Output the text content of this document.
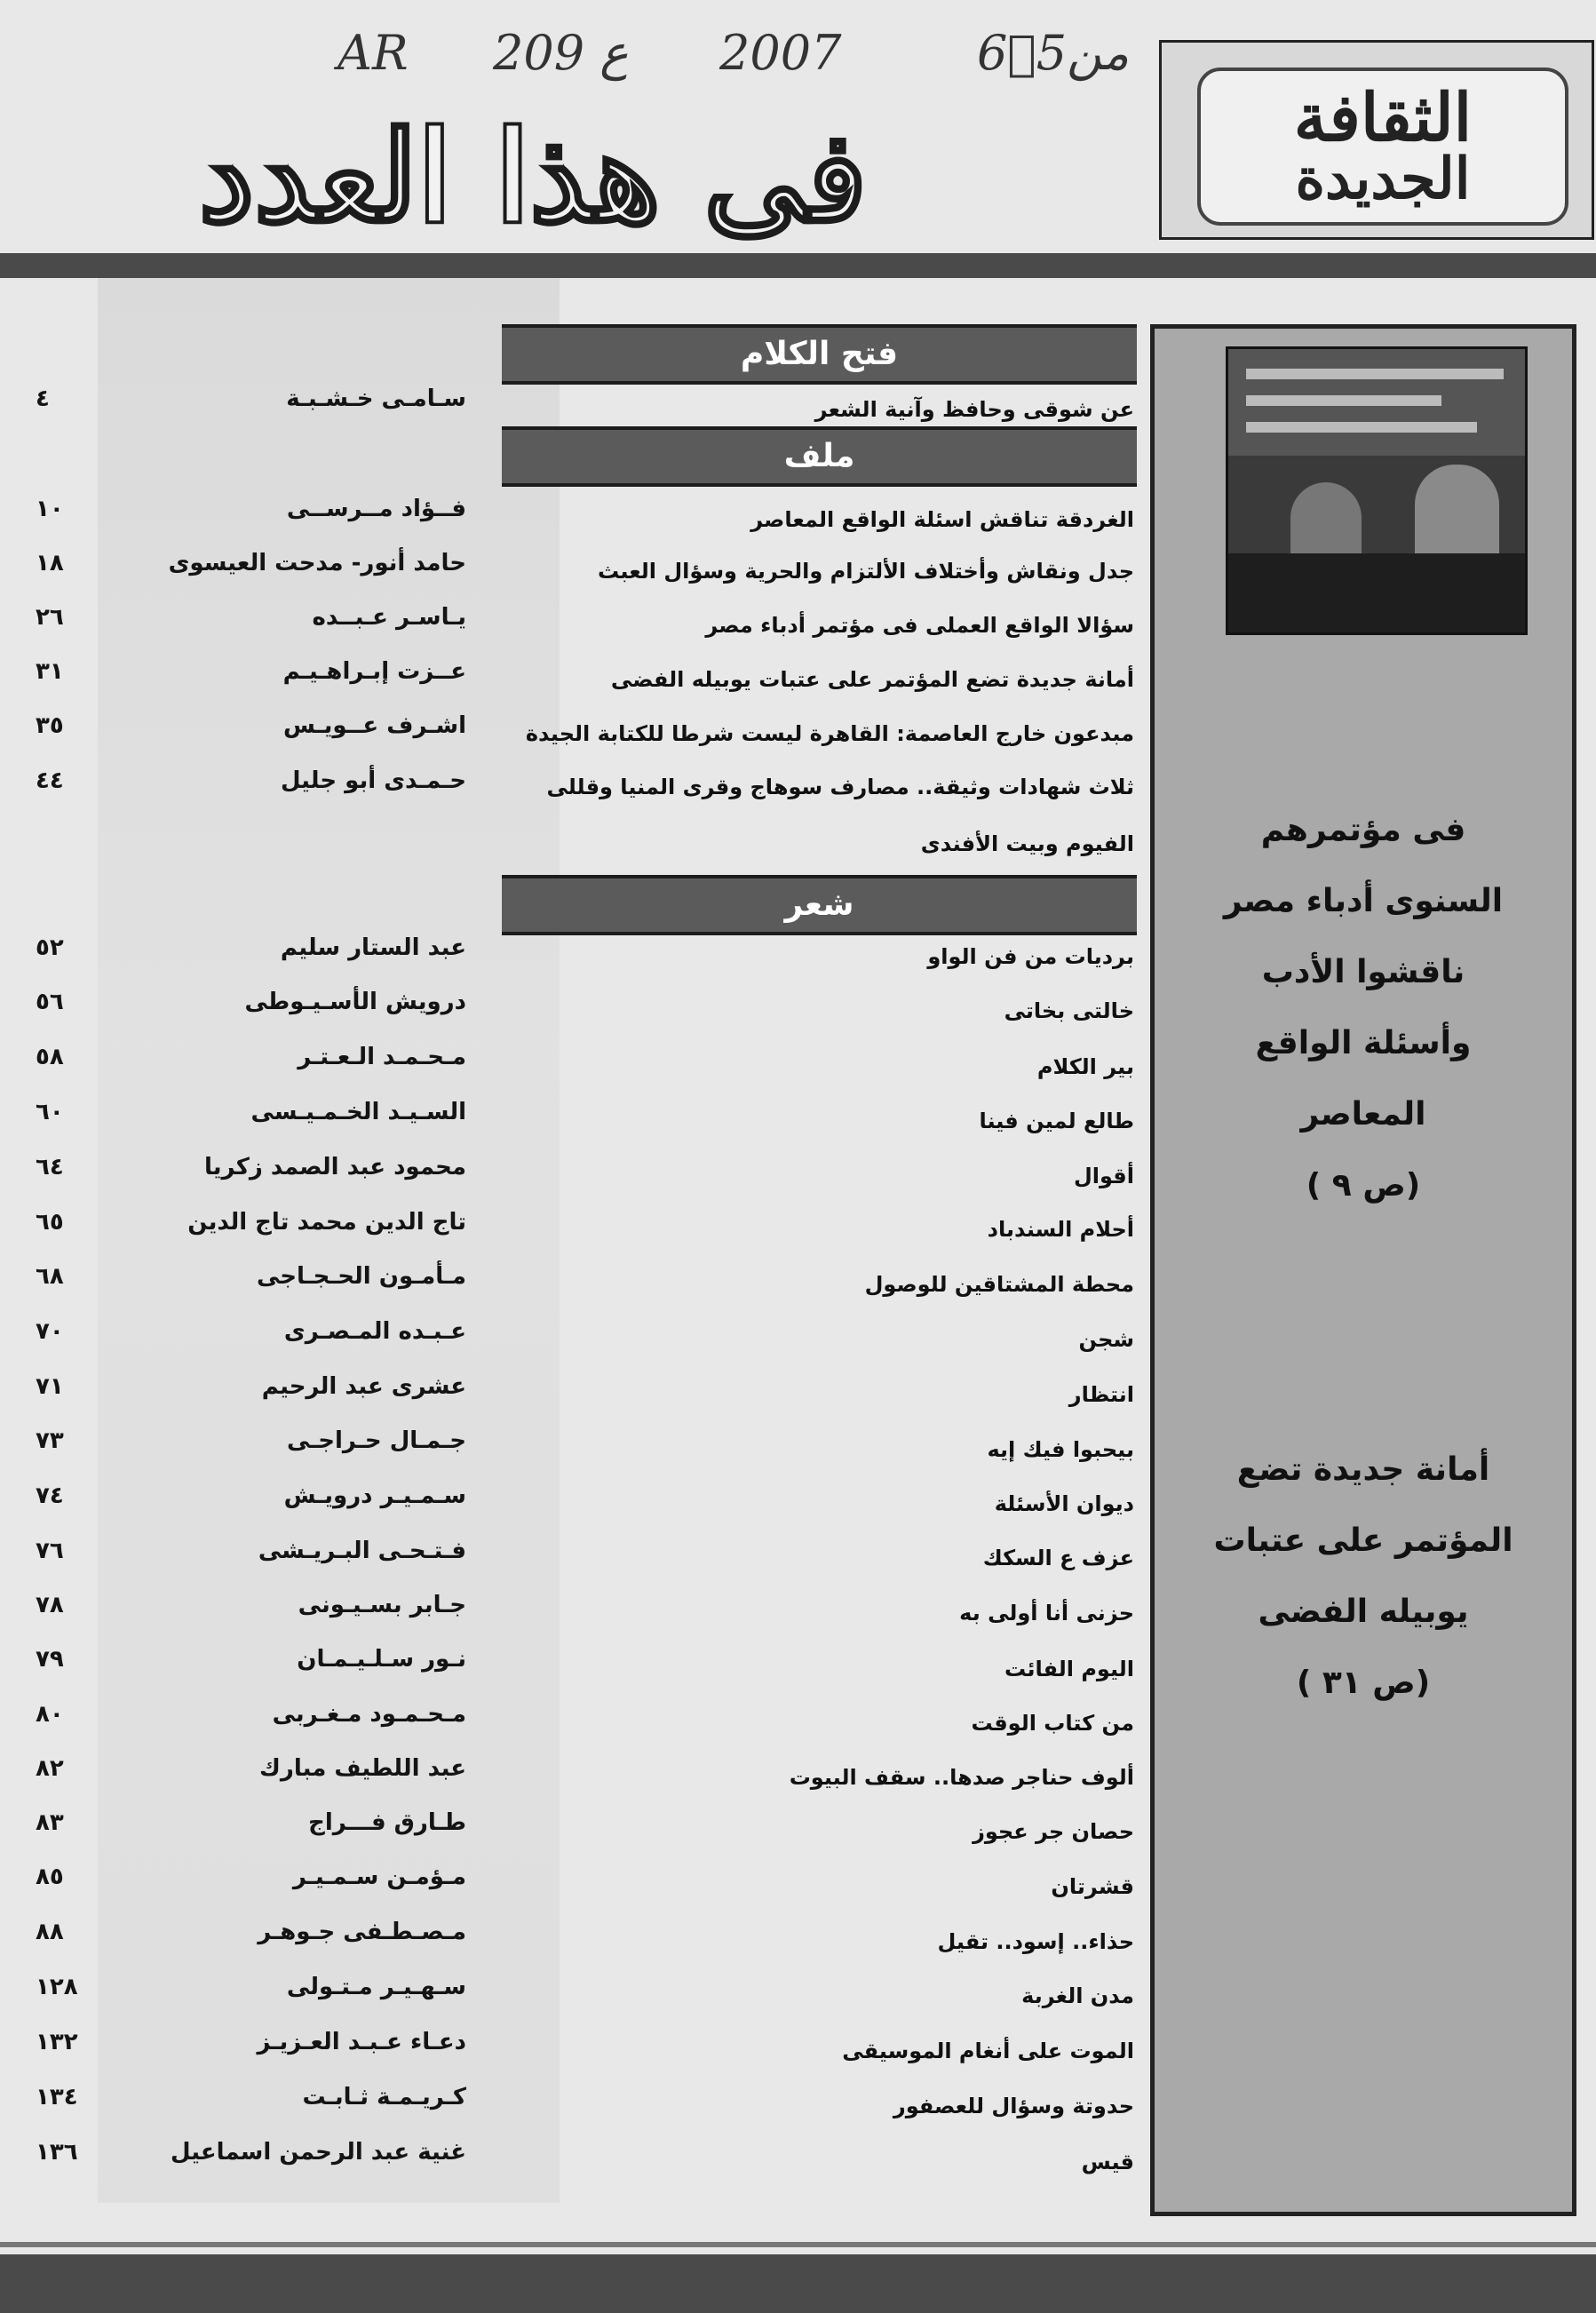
AR 209 ع 2007	6ٍمن5
الثقافة
الجديدة
فى هذا العدد
فتح الكلام
ملف
شعر
عن شوقى وحافظ وآنية الشعر
الغردقة تناقش اسئلة الواقع المعاصر
جدل ونقاش وأختلاف الألتزام والحرية وسؤال العبث
سؤالا الواقع العملى فى مؤتمر أدباء مصر
أمانة جديدة تضع المؤتمر على عتبات يوبيله الفضى
مبدعون خارج العاصمة: القاهرة ليست شرطا للكتابة الجيدة
ثلاث شهادات وثيقة.. مصارف سوهاج وقرى المنيا وقللى
الفيوم وبيت الأفندى
برديات من فن الواو
خالتى بخاتى
بير الكلام
طالع لمين فينا
أقوال
أحلام السندباد
محطة المشتاقين للوصول
شجن
انتظار
بيحبوا فيك إيه
ديوان الأسئلة
عزف ع السكك
حزنى أنا أولى به
اليوم الفائت
من كتاب الوقت
ألوف حناجر صدها.. سقف البيوت
حصان جر عجوز
قشرتان
حذاء.. إسود.. تقيل
مدن الغربة
الموت على أنغام الموسيقى
حدوتة وسؤال للعصفور
قيس
سـامـى خـشـبـة
٤
فــؤاد مــرســى
١٠
حامد أنور- مدحت العيسوى
١٨
يـاسـر عـبــده
٢٦
عــزت إبـراهـيـم
٣١
اشـرف عــويـس
٣٥
حـمـدى أبو جليل
٤٤
عبد الستار سليم
٥٢
درويش الأسـيـوطى
٥٦
مـحـمـد الـعـتـر
٥٨
السـيـد الخـمـيـسى
٦٠
محمود عبد الصمد زكريا
٦٤
تاج الدين محمد تاج الدين
٦٥
مـأمـون الحـجـاجى
٦٨
عـبـده المـصـرى
٧٠
عشرى عبد الرحيم
٧١
جـمـال حـراجـى
٧٣
سـمـيـر درويـش
٧٤
فـتـحـى البـريـشى
٧٦
جـابر بسـيـونى
٧٨
نـور سـلـيـمـان
٧٩
مـحـمـود مـغـربى
٨٠
عبد اللطيف مبارك
٨٢
طـارق فـــراج
٨٣
مـؤمـن سـمـيـر
٨٥
مـصـطـفى جـوهـر
٨٨
سـهـيـر مـتـولى
١٢٨
دعـاء عـبـد العـزيـز
١٣٢
كـريـمـة ثـابـت
١٣٤
غنية عبد الرحمن اسماعيل
١٣٦
فى مؤتمرهم
السنوى أدباء مصر
ناقشوا الأدب
وأسئلة الواقع
المعاصر
(ص ٩ )
أمانة جديدة تضع
المؤتمر على عتبات
يوبيله الفضى
(ص ٣١ )
